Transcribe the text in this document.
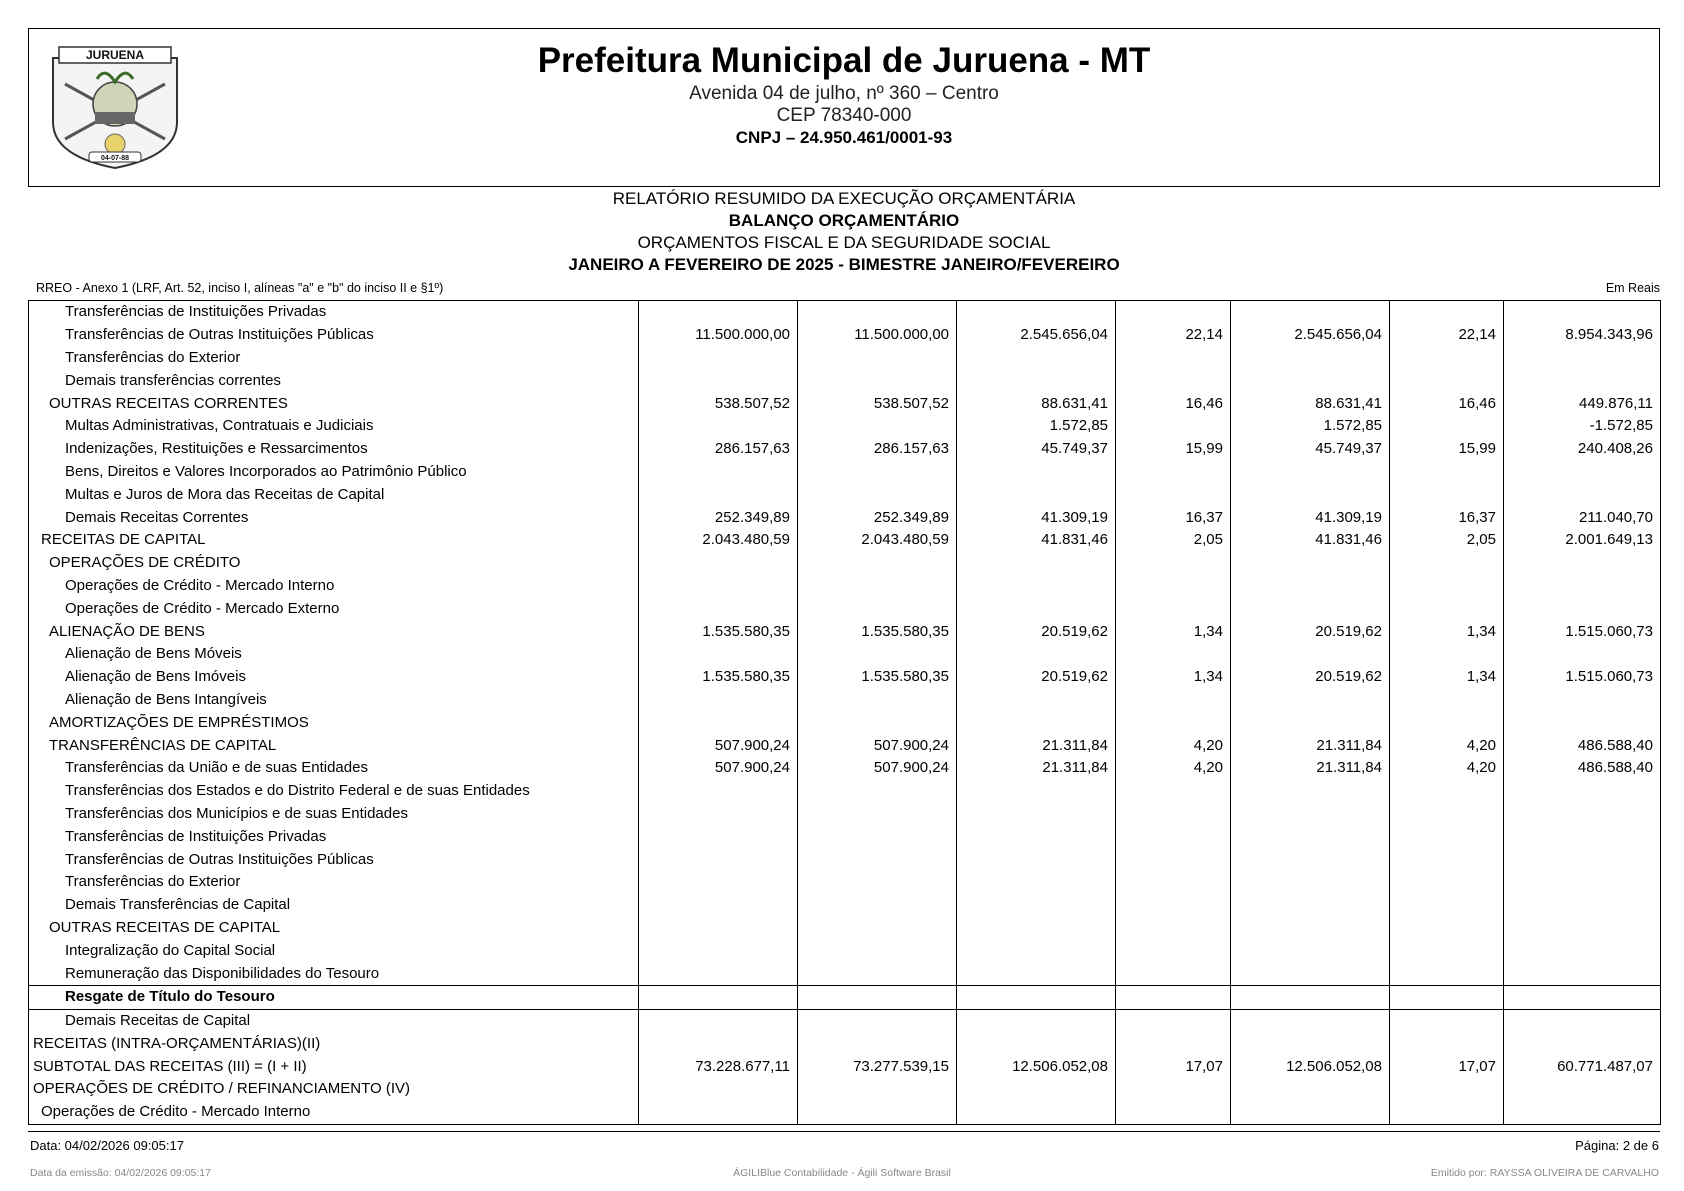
JURUENA
04-07-88
Prefeitura Municipal de Juruena - MT
Avenida 04 de julho, nº 360 – Centro
CEP 78340-000
CNPJ – 24.950.461/0001-93
RELATÓRIO RESUMIDO DA EXECUÇÃO ORÇAMENTÁRIA
BALANÇO ORÇAMENTÁRIO
ORÇAMENTOS FISCAL E DA SEGURIDADE SOCIAL
JANEIRO A FEVEREIRO DE 2025 - BIMESTRE JANEIRO/FEVEREIRO
RREO - Anexo 1 (LRF, Art. 52, inciso I, alíneas "a" e "b" do inciso II e §1º)	Em Reais
Transferências de Instituições Privadas							
Transferências de Outras Instituições Públicas	11.500.000,00	11.500.000,00	2.545.656,04	22,14	2.545.656,04	22,14	8.954.343,96
Transferências do Exterior							
Demais transferências correntes							
OUTRAS RECEITAS CORRENTES	538.507,52	538.507,52	88.631,41	16,46	88.631,41	16,46	449.876,11
Multas Administrativas, Contratuais e Judiciais			1.572,85		1.572,85		-1.572,85
Indenizações, Restituições e Ressarcimentos	286.157,63	286.157,63	45.749,37	15,99	45.749,37	15,99	240.408,26
Bens, Direitos e Valores Incorporados ao Patrimônio Público							
Multas e Juros de Mora das Receitas de Capital							
Demais Receitas Correntes	252.349,89	252.349,89	41.309,19	16,37	41.309,19	16,37	211.040,70
RECEITAS DE CAPITAL	2.043.480,59	2.043.480,59	41.831,46	2,05	41.831,46	2,05	2.001.649,13
OPERAÇÕES DE CRÉDITO							
Operações de Crédito - Mercado Interno							
Operações de Crédito - Mercado Externo							
ALIENAÇÃO DE BENS	1.535.580,35	1.535.580,35	20.519,62	1,34	20.519,62	1,34	1.515.060,73
Alienação de Bens Móveis							
Alienação de Bens Imóveis	1.535.580,35	1.535.580,35	20.519,62	1,34	20.519,62	1,34	1.515.060,73
Alienação de Bens Intangíveis							
AMORTIZAÇÕES DE EMPRÉSTIMOS							
TRANSFERÊNCIAS DE CAPITAL	507.900,24	507.900,24	21.311,84	4,20	21.311,84	4,20	486.588,40
Transferências da União e de suas Entidades	507.900,24	507.900,24	21.311,84	4,20	21.311,84	4,20	486.588,40
Transferências dos Estados e do Distrito Federal e de suas Entidades							
Transferências dos Municípios e de suas Entidades							
Transferências de Instituições Privadas							
Transferências de Outras Instituições Públicas							
Transferências do Exterior							
Demais Transferências de Capital							
OUTRAS RECEITAS DE CAPITAL							
Integralização do Capital Social							
Remuneração das Disponibilidades do Tesouro							
Resgate de Título do Tesouro							
Demais Receitas de Capital							
RECEITAS (INTRA-ORÇAMENTÁRIAS)(II)							
SUBTOTAL DAS RECEITAS (III) = (I + II)	73.228.677,11	73.277.539,15	12.506.052,08	17,07	12.506.052,08	17,07	60.771.487,07
OPERAÇÕES DE CRÉDITO / REFINANCIAMENTO (IV)							
Operações de Crédito - Mercado Interno							
Data: 04/02/2026 09:05:17	Página: 2 de 6
Data da emissão: 04/02/2026 09:05:17	ÁGILIBlue Contabilidade - Ágili Software Brasil	Emitido por: RAYSSA OLIVEIRA DE CARVALHO
